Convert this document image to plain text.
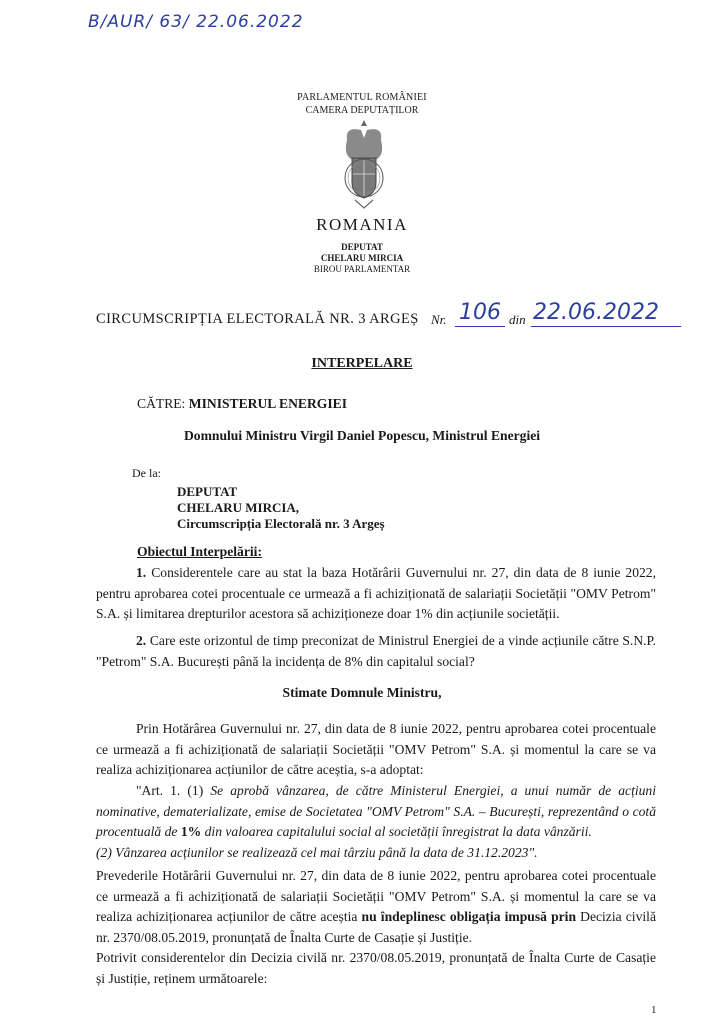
B/AUR/ 63/ 22.06.2022
PARLAMENTUL ROMÂNIEI
CAMERA DEPUTAȚILOR
ROMANIA
DEPUTAT
CHELARU MIRCIA
BIROU PARLAMENTAR
CIRCUMSCRIPȚIA ELECTORALĂ NR. 3 ARGEȘ Nr. 106 din 22.06.2022
INTERPELARE
CĂTRE: MINISTERUL ENERGIEI
Domnului Ministru Virgil Daniel Popescu, Ministrul Energiei
De la:
DEPUTAT
CHELARU MIRCIA,
Circumscripția Electorală nr. 3 Argeș
Obiectul Interpelării:
1. Considerentele care au stat la baza Hotărârii Guvernului nr. 27, din data de 8 iunie 2022, pentru aprobarea cotei procentuale ce urmează a fi achiziționată de salariații Societății "OMV Petrom" S.A. și limitarea drepturilor acestora să achiziționeze doar 1% din acțiunile societății.
2. Care este orizontul de timp preconizat de Ministrul Energiei de a vinde acțiunile către S.N.P. "Petrom" S.A. București până la incidența de 8% din capitalul social?
Stimate Domnule Ministru,
Prin Hotărârea Guvernului nr. 27, din data de 8 iunie 2022, pentru aprobarea cotei procentuale ce urmează a fi achiziționată de salariații Societății "OMV Petrom" S.A. și momentul la care se va realiza achiziționarea acțiunilor de către aceștia, s-a adoptat:
"Art. 1. (1) Se aprobă vânzarea, de către Ministerul Energiei, a unui număr de acțiuni nominative, dematerializate, emise de Societatea "OMV Petrom" S.A. – București, reprezentând o cotă procentuală de 1% din valoarea capitalului social al societății înregistrat la data vânzării.
(2) Vânzarea acțiunilor se realizează cel mai târziu până la data de 31.12.2023".
Prevederile Hotărârii Guvernului nr. 27, din data de 8 iunie 2022, pentru aprobarea cotei procentuale ce urmează a fi achiziționată de salariații Societății "OMV Petrom" S.A. și momentul la care se va realiza achiziționarea acțiunilor de către aceștia nu îndeplinesc obligația impusă prin Decizia civilă nr. 2370/08.05.2019, pronunțată de Înalta Curte de Casație și Justiție.
Potrivit considerentelor din Decizia civilă nr. 2370/08.05.2019, pronunțată de Înalta Curte de Casație și Justiție, reținem următoarele:
1
